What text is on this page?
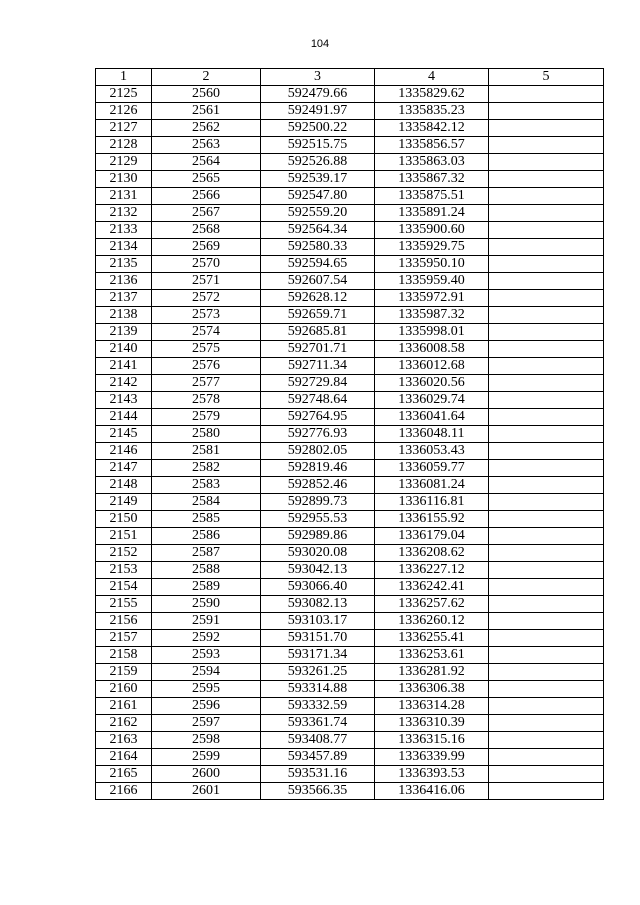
104
1	2	3	4	5
2125	2560	592479.66	1335829.62	
2126	2561	592491.97	1335835.23	
2127	2562	592500.22	1335842.12	
2128	2563	592515.75	1335856.57	
2129	2564	592526.88	1335863.03	
2130	2565	592539.17	1335867.32	
2131	2566	592547.80	1335875.51	
2132	2567	592559.20	1335891.24	
2133	2568	592564.34	1335900.60	
2134	2569	592580.33	1335929.75	
2135	2570	592594.65	1335950.10	
2136	2571	592607.54	1335959.40	
2137	2572	592628.12	1335972.91	
2138	2573	592659.71	1335987.32	
2139	2574	592685.81	1335998.01	
2140	2575	592701.71	1336008.58	
2141	2576	592711.34	1336012.68	
2142	2577	592729.84	1336020.56	
2143	2578	592748.64	1336029.74	
2144	2579	592764.95	1336041.64	
2145	2580	592776.93	1336048.11	
2146	2581	592802.05	1336053.43	
2147	2582	592819.46	1336059.77	
2148	2583	592852.46	1336081.24	
2149	2584	592899.73	1336116.81	
2150	2585	592955.53	1336155.92	
2151	2586	592989.86	1336179.04	
2152	2587	593020.08	1336208.62	
2153	2588	593042.13	1336227.12	
2154	2589	593066.40	1336242.41	
2155	2590	593082.13	1336257.62	
2156	2591	593103.17	1336260.12	
2157	2592	593151.70	1336255.41	
2158	2593	593171.34	1336253.61	
2159	2594	593261.25	1336281.92	
2160	2595	593314.88	1336306.38	
2161	2596	593332.59	1336314.28	
2162	2597	593361.74	1336310.39	
2163	2598	593408.77	1336315.16	
2164	2599	593457.89	1336339.99	
2165	2600	593531.16	1336393.53	
2166	2601	593566.35	1336416.06	
